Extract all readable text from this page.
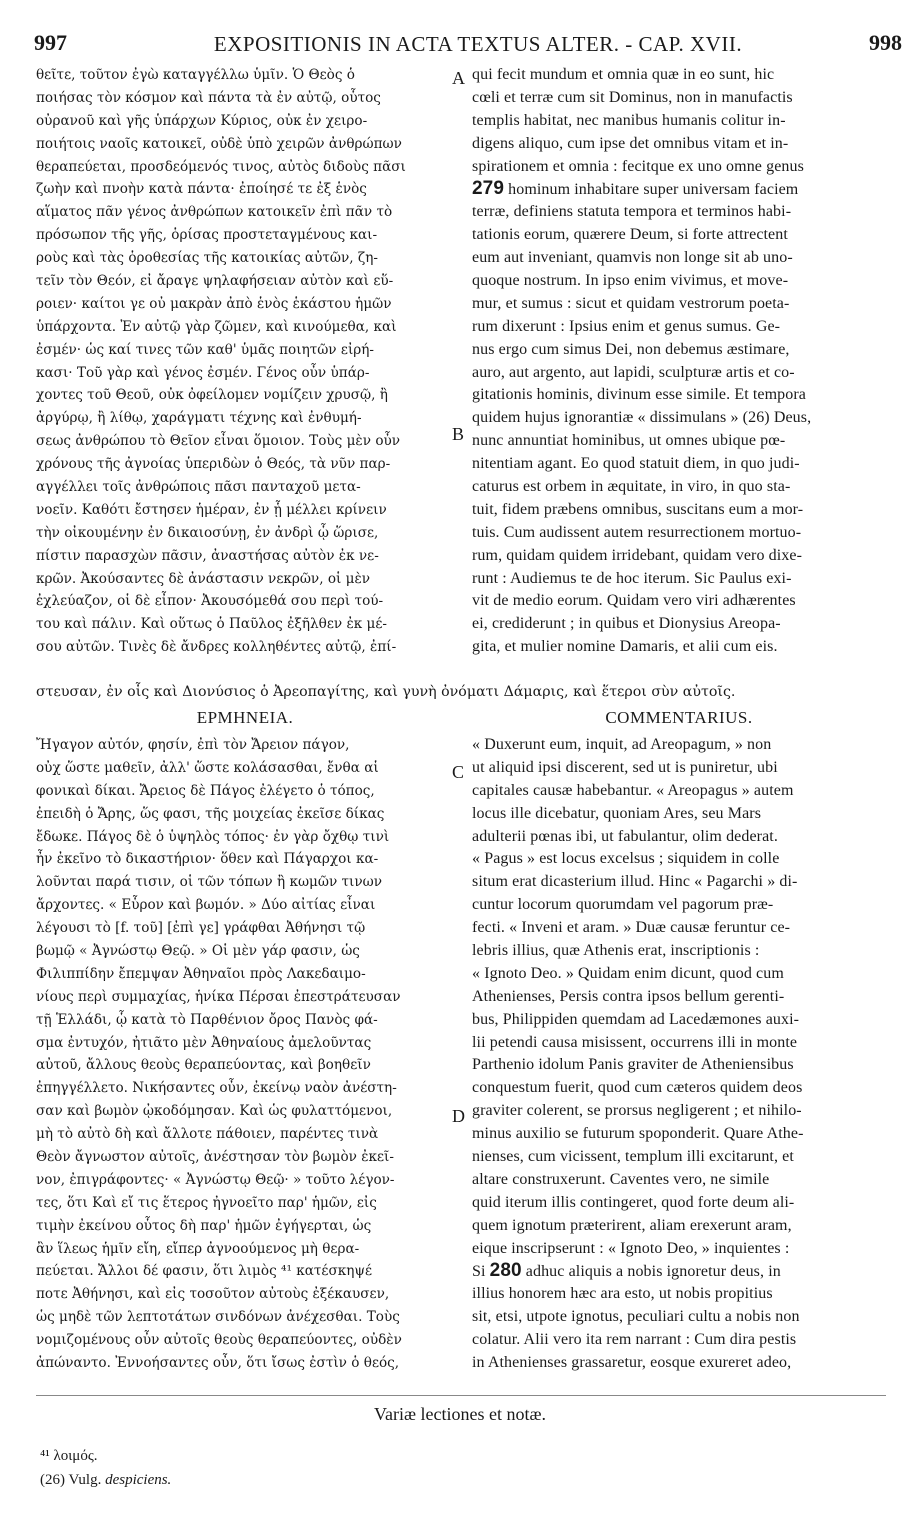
997	EXPOSITIONIS IN ACTA TEXTUS ALTER. - CAP. XVII.	998
θεῖτε, τοῦτον ἐγὼ καταγγέλλω ὑμῖν. Ὁ Θεὸς ὁ
ποιήσας τὸν κόσμον καὶ πάντα τὰ ἐν αὐτῷ, οὗτος
οὐρανοῦ καὶ γῆς ὑπάρχων Κύριος, οὐκ ἐν χειρο-
ποιήτοις ναοῖς κατοικεῖ, οὐδὲ ὑπὸ χειρῶν ἀνθρώπων
θεραπεύεται, προσδεόμενός τινος, αὐτὸς διδοὺς πᾶσι
ζωὴν καὶ πνοὴν κατὰ πάντα· ἐποίησέ τε ἐξ ἑνὸς
αἵματος πᾶν γένος ἀνθρώπων κατοικεῖν ἐπὶ πᾶν τὸ
πρόσωπον τῆς γῆς, ὁρίσας προστεταγμένους και-
ροὺς καὶ τὰς ὁροθεσίας τῆς κατοικίας αὐτῶν, ζη-
τεῖν τὸν Θεόν, εἰ ἄραγε ψηλαφήσειαν αὐτὸν καὶ εὕ-
ροιεν· καίτοι γε οὐ μακρὰν ἀπὸ ἑνὸς ἑκάστου ἡμῶν
ὑπάρχοντα. Ἐν αὐτῷ γὰρ ζῶμεν, καὶ κινούμεθα, καὶ
ἐσμέν· ὡς καί τινες τῶν καθ' ὑμᾶς ποιητῶν εἰρή-
κασι· Τοῦ γὰρ καὶ γένος ἐσμέν. Γένος οὖν ὑπάρ-
χοντες τοῦ Θεοῦ, οὐκ ὀφείλομεν νομίζειν χρυσῷ, ἢ
ἀργύρῳ, ἢ λίθῳ, χαράγματι τέχνης καὶ ἐνθυμή-
σεως ἀνθρώπου τὸ Θεῖον εἶναι ὅμοιον. Τοὺς μὲν οὖν
χρόνους τῆς ἀγνοίας ὑπεριδὼν ὁ Θεός, τὰ νῦν παρ-
αγγέλλει τοῖς ἀνθρώποις πᾶσι πανταχοῦ μετα-
νοεῖν. Καθότι ἔστησεν ἡμέραν, ἐν ᾗ μέλλει κρίνειν
τὴν οἰκουμένην ἐν δικαιοσύνῃ, ἐν ἀνδρὶ ᾧ ὥρισε,
πίστιν παρασχὼν πᾶσιν, ἀναστήσας αὐτὸν ἐκ νε-
κρῶν. Ἀκούσαντες δὲ ἀνάστασιν νεκρῶν, οἱ μὲν
ἐχλεύαζον, οἱ δὲ εἶπον· Ἀκουσόμεθά σου περὶ τού-
του καὶ πάλιν. Καὶ οὕτως ὁ Παῦλος ἐξῆλθεν ἐκ μέ-
σου αὐτῶν. Τινὲς δὲ ἄνδρες κολληθέντες αὐτῷ, ἐπί-
qui fecit mundum et omnia quæ in eo sunt, hic
cœli et terræ cum sit Dominus, non in manufactis
templis habitat, nec manibus humanis colitur in-
digens aliquo, cum ipse det omnibus vitam et in-
spirationem et omnia : fecitque ex uno omne genus
279 hominum inhabitare super universam faciem
terræ, definiens statuta tempora et terminos habi-
tationis eorum, quærere Deum, si forte attrectent
eum aut inveniant, quamvis non longe sit ab uno-
quoque nostrum. In ipso enim vivimus, et move-
mur, et sumus : sicut et quidam vestrorum poeta-
rum dixerunt : Ipsius enim et genus sumus. Ge-
nus ergo cum simus Dei, non debemus æstimare,
auro, aut argento, aut lapidi, sculpturæ artis et co-
gitationis hominis, divinum esse simile. Et tempora
quidem hujus ignorantiæ « dissimulans » (26) Deus,
nunc annuntiat hominibus, ut omnes ubique pœ-
nitentiam agant. Eo quod statuit diem, in quo judi-
caturus est orbem in æquitate, in viro, in quo sta-
tuit, fidem præbens omnibus, suscitans eum a mor-
tuis. Cum audissent autem resurrectionem mortuo-
rum, quidam quidem irridebant, quidam vero dixe-
runt : Audiemus te de hoc iterum. Sic Paulus exi-
vit de medio eorum. Quidam vero viri adhærentes
ei, crediderunt ; in quibus et Dionysius Areopa-
gita, et mulier nomine Damaris, et alii cum eis.
A
B
C
D
στευσαν, ἐν οἷς καὶ Διονύσιος ὁ Ἀρεοπαγίτης, καὶ γυνὴ ὀνόματι Δάμαρις, καὶ ἕτεροι σὺν αὐτοῖς.
ΕΡΜΗΝΕΙΑ.	COMMENTARIUS.
Ἤγαγον αὐτόν, φησίν, ἐπὶ τὸν Ἄρειον πάγον,
οὐχ ὥστε μαθεῖν, ἀλλ' ὥστε κολάσασθαι, ἔνθα αἱ
φονικαὶ δίκαι. Ἄρειος δὲ Πάγος ἐλέγετο ὁ τόπος,
ἐπειδὴ ὁ Ἄρης, ὥς φασι, τῆς μοιχείας ἐκεῖσε δίκας
ἔδωκε. Πάγος δὲ ὁ ὑψηλὸς τόπος· ἐν γὰρ ὄχθῳ τινὶ
ἦν ἐκεῖνο τὸ δικαστήριον· ὅθεν καὶ Πάγαρχοι κα-
λοῦνται παρά τισιν, οἱ τῶν τόπων ἢ κωμῶν τινων
ἄρχοντες. « Εὗρον καὶ βωμόν. » Δύο αἰτίας εἶναι
λέγουσι τὸ [f. τοῦ] [ἐπὶ γε] γράφθαι Ἀθήνησι τῷ
βωμῷ « Ἀγνώστῳ Θεῷ. » Οἱ μὲν γάρ φασιν, ὡς
Φιλιππίδην ἔπεμψαν Ἀθηναῖοι πρὸς Λακεδαιμο-
νίους περὶ συμμαχίας, ἡνίκα Πέρσαι ἐπεστράτευσαν
τῇ Ἑλλάδι, ᾧ κατὰ τὸ Παρθένιον ὄρος Πανὸς φά-
σμα ἐντυχόν, ἠτιᾶτο μὲν Ἀθηναίους ἀμελοῦντας
αὐτοῦ, ἄλλους θεοὺς θεραπεύοντας, καὶ βοηθεῖν
ἐπηγγέλλετο. Νικήσαντες οὖν, ἐκείνῳ ναὸν ἀνέστη-
σαν καὶ βωμὸν ᾠκοδόμησαν. Καὶ ὡς φυλαττόμενοι,
μὴ τὸ αὐτὸ δὴ καὶ ἄλλοτε πάθοιεν, παρέντες τινὰ
Θεὸν ἄγνωστον αὐτοῖς, ἀνέστησαν τὸν βωμὸν ἐκεῖ-
νον, ἐπιγράφοντες· « Ἀγνώστῳ Θεῷ· » τοῦτο λέγον-
τες, ὅτι Καὶ εἴ τις ἕτερος ἠγνοεῖτο παρ' ἡμῶν, εἰς
τιμὴν ἐκείνου οὗτος δὴ παρ' ἡμῶν ἐγήγερται, ὡς
ἂν ἵλεως ἡμῖν εἴη, εἴπερ ἀγνοούμενος μὴ θερα-
πεύεται. Ἄλλοι δέ φασιν, ὅτι λιμὸς ⁴¹ κατέσκηψέ
ποτε Ἀθήνησι, καὶ εἰς τοσοῦτον αὐτοὺς ἐξέκαυσεν,
ὡς μηδὲ τῶν λεπτοτάτων σινδόνων ἀνέχεσθαι. Τοὺς
νομιζομένους οὖν αὐτοῖς θεοὺς θεραπεύοντες, οὐδὲν
ἀπώναντο. Ἐννοήσαντες οὖν, ὅτι ἴσως ἐστὶν ὁ θεός,
« Duxerunt eum, inquit, ad Areopagum, » non
ut aliquid ipsi discerent, sed ut is puniretur, ubi
capitales causæ habebantur. « Areopagus » autem
locus ille dicebatur, quoniam Ares, seu Mars
adulterii pœnas ibi, ut fabulantur, olim dederat.
« Pagus » est locus excelsus ; siquidem in colle
situm erat dicasterium illud. Hinc « Pagarchi » di-
cuntur locorum quorumdam vel pagorum præ-
fecti. « Inveni et aram. » Duæ causæ feruntur ce-
lebris illius, quæ Athenis erat, inscriptionis :
« Ignoto Deo. » Quidam enim dicunt, quod cum
Athenienses, Persis contra ipsos bellum gerenti-
bus, Philippiden quemdam ad Lacedæmones auxi-
lii petendi causa misissent, occurrens illi in monte
Parthenio idolum Panis graviter de Atheniensibus
conquestum fuerit, quod cum cæteros quidem deos
graviter colerent, se prorsus negligerent ; et nihilo-
minus auxilio se futurum spoponderit. Quare Athe-
nienses, cum vicissent, templum illi excitarunt, et
altare construxerunt. Caventes vero, ne simile
quid iterum illis contingeret, quod forte deum ali-
quem ignotum præterirent, aliam erexerunt aram,
eique inscripserunt : « Ignoto Deo, » inquientes :
Si 280 adhuc aliquis a nobis ignoretur deus, in
illius honorem hæc ara esto, ut nobis propitius
sit, etsi, utpote ignotus, peculiari cultu a nobis non
colatur. Alii vero ita rem narrant : Cum dira pestis
in Athenienses grassaretur, eosque exureret adeo,
Variæ lectiones et notæ.
⁴¹ λοιμός.
(26) Vulg. despiciens.
